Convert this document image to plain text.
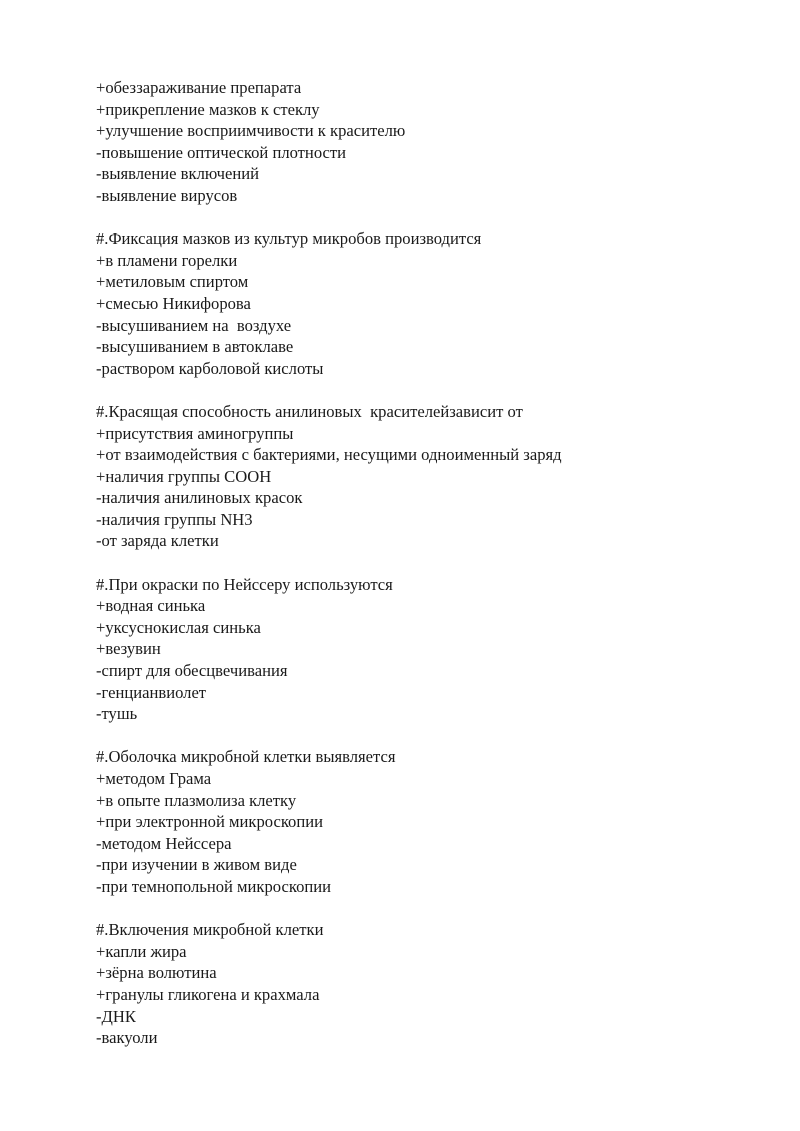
+обеззараживание препарата
+прикрепление мазков к стеклу
+улучшение восприимчивости к красителю
-повышение оптической плотности
-выявление включений
-выявление вирусов
#.Фиксация мазков из культур микробов производится
+в пламени горелки
+метиловым спиртом
+смесью Никифорова
-высушиванием на  воздухе
-высушиванием в автоклаве
-раствором карболовой кислоты
#.Красящая способность анилиновых  красителейзависит от
+присутствия аминогруппы
+от взаимодействия с бактериями, несущими одноименный заряд
+наличия группы СООН
-наличия анилиновых красок
-наличия группы NH3
-от заряда клетки
#.При окраски по Нейссеру используются
+водная синька
+уксуснокислая синька
+везувин
-спирт для обесцвечивания
-генцианвиолет
-тушь
#.Оболочка микробной клетки выявляется
+методом Грама
+в опыте плазмолиза клетку
+при электронной микроскопии
-методом Нейссера
-при изучении в живом виде
-при темнопольной микроскопии
#.Включения микробной клетки
+капли жира
+зёрна волютина
+гранулы гликогена и крахмала
-ДНК
-вакуоли
